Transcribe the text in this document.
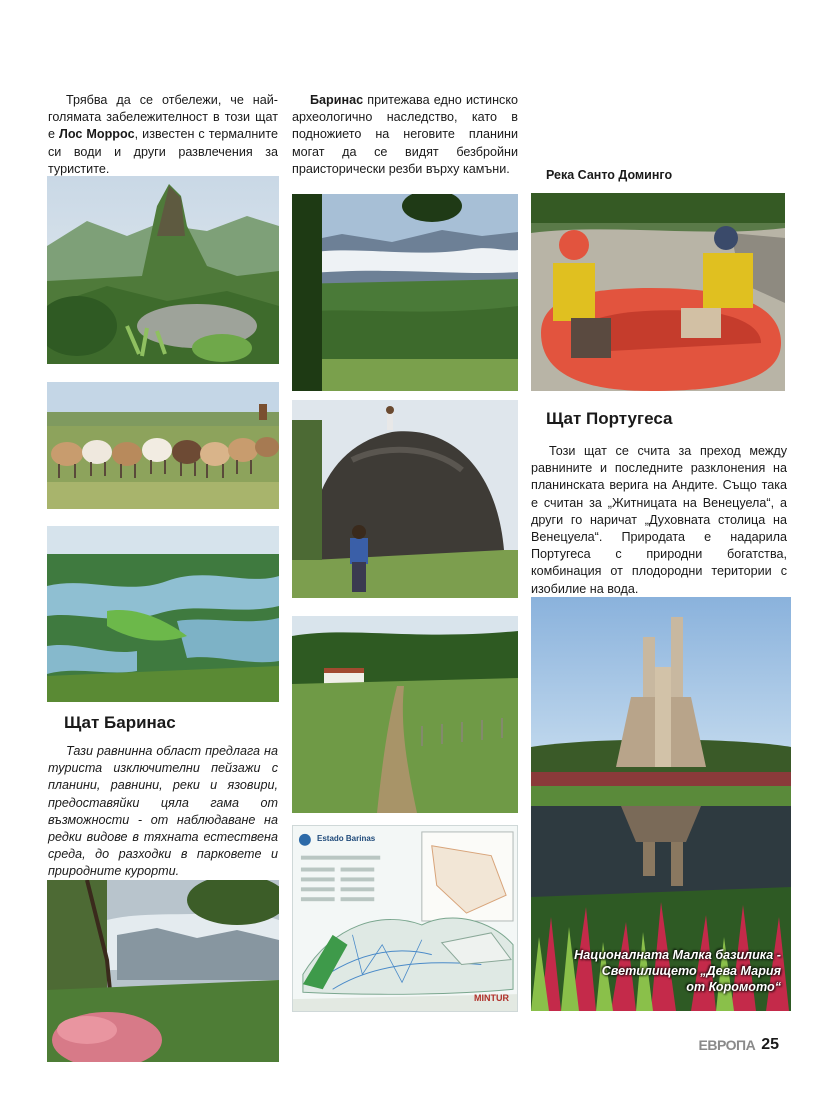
Трябва да се отбележи, че най-голямата забележителност в този щат е Лос Морроc, известен с термалните си води и други развлечения за туристите.

Щат Баринас

Тази равнинна област предлага на туриста изключителни пейзажи с планини, равнини, реки и язовири, предоставяйки цяла гама от възможности - от наблюдаване на редки видове в тяхната естествена среда, до разходки в парковете и природните курорти.

Баринас притежава едно истинско археологично наследство, като в подножието на неговите планини могат да се видят безбройни праисторически резби върху камъни.

Estado Barinas
MINTUR
Река Санто Доминго
Щат Португеса

Този щат се счита за преход между равнините и последните разклонения на планинската верига на Андите. Също така е считан за „Житницата на Венецуела“, а други го наричат „Духовната столица на Венецуела“. Природата е надарила Португеса с природни богатства, комбинация от плодородни територии с изобилие на вода.

Националната Малка базилика -
Светилището „Дева Мария
от Коромото“
ЕВРОПА 25
